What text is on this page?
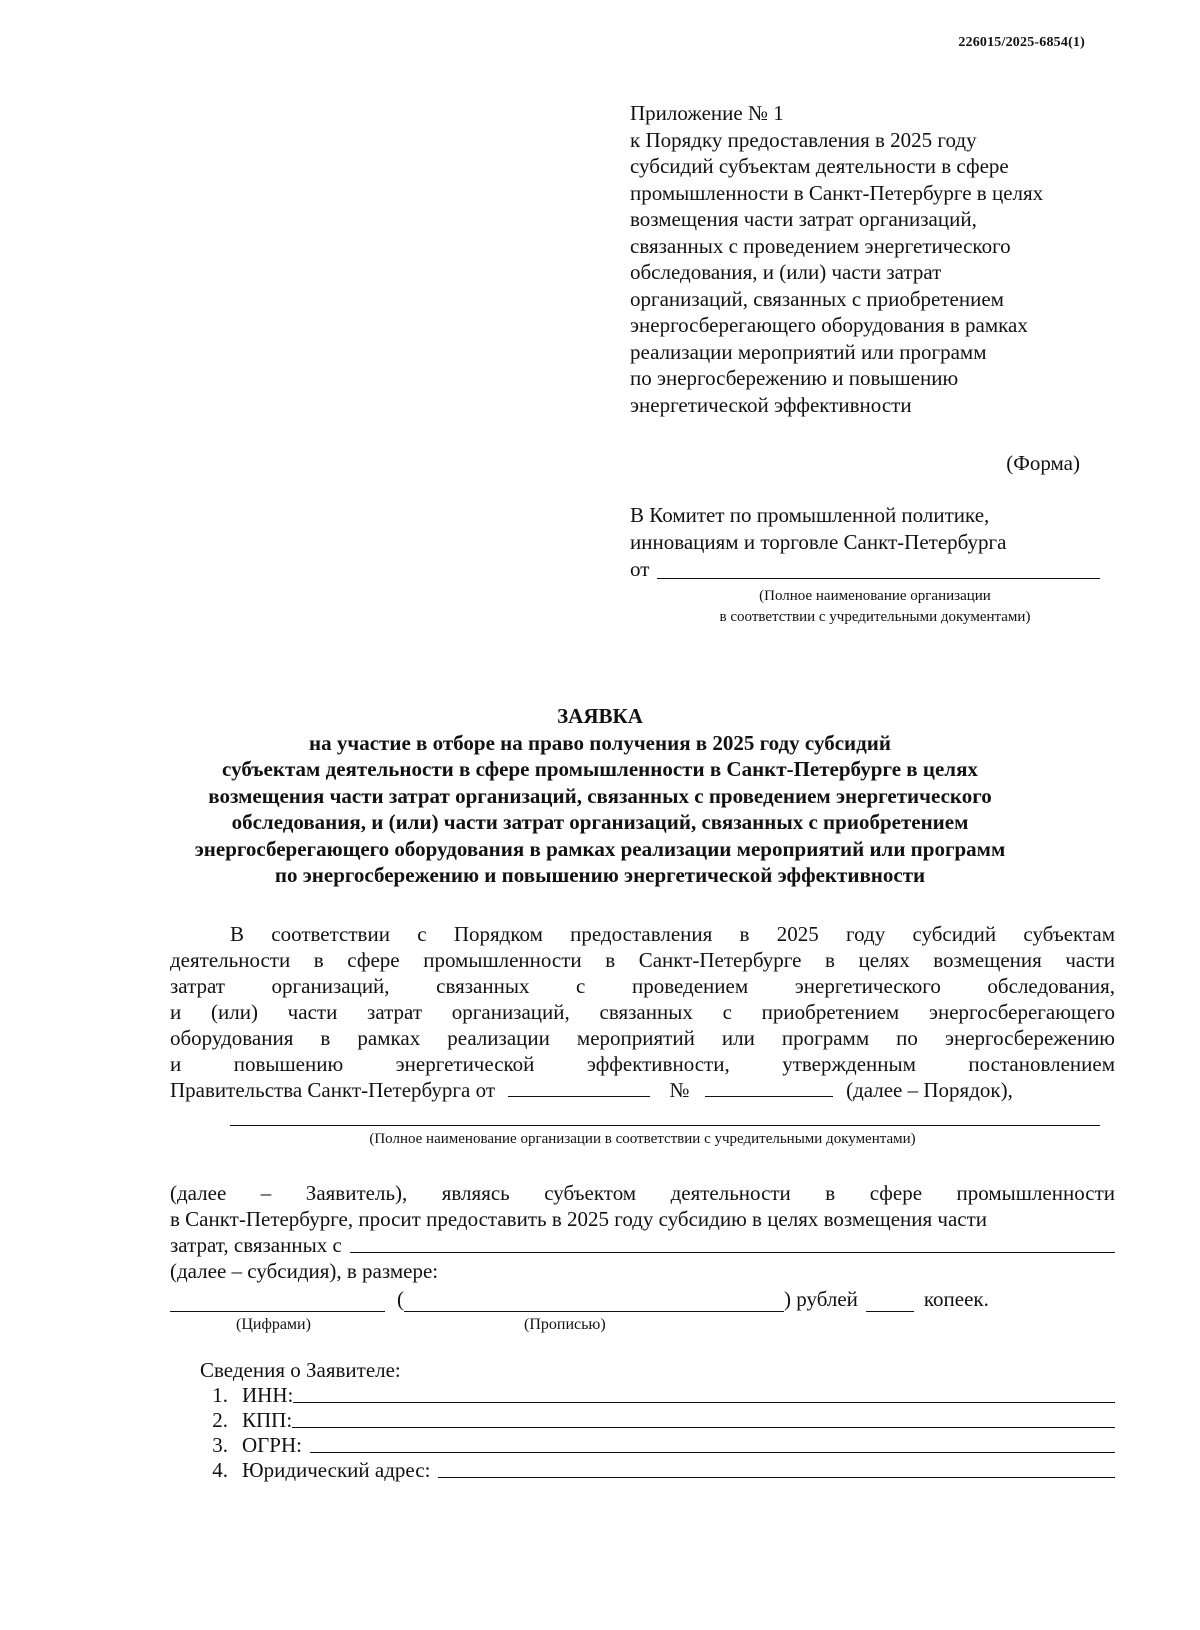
226015/2025-6854(1)
Приложение № 1
к Порядку предоставления в 2025 году
субсидий субъектам деятельности в сфере
промышленности в Санкт-Петербурге в целях
возмещения части затрат организаций,
связанных с проведением энергетического
обследования, и (или) части затрат
организаций, связанных с приобретением
энергосберегающего оборудования в рамках
реализации мероприятий или программ
по энергосбережению и повышению
энергетической эффективности
(Форма)
В Комитет по промышленной политике,
инновациям и торговле Санкт-Петербурга
от
(Полное наименование организации
в соответствии с учредительными документами)
ЗАЯВКА
на участие в отборе на право получения в 2025 году субсидий
субъектам деятельности в сфере промышленности в Санкт-Петербурге в целях
возмещения части затрат организаций, связанных с проведением энергетического
обследования, и (или) части затрат организаций, связанных с приобретением
энергосберегающего оборудования в рамках реализации мероприятий или программ
по энергосбережению и повышению энергетической эффективности
В соответствии с Порядком предоставления в 2025 году субсидий субъектам
деятельности в сфере промышленности в Санкт-Петербурге в целях возмещения части
затрат организаций, связанных с проведением энергетического обследования,
и (или) части затрат организаций, связанных с приобретением энергосберегающего
оборудования в рамках реализации мероприятий или программ по энергосбережению
и повышению энергетической эффективности, утвержденным постановлением
Правительства Санкт-Петербурга от	№	(далее – Порядок),
(Полное наименование организации в соответствии с учредительными документами)
(далее – Заявитель), являясь субъектом деятельности в сфере промышленности
в Санкт-Петербурге, просит предоставить в 2025 году субсидию в целях возмещения части
затрат, связанных с
(далее – субсидия), в размере:
(	) рублей	копеек.
(Цифрами)	(Прописью)
Сведения о Заявителе:
1. ИНН:
2. КПП:
3. ОГРН:
4. Юридический адрес:
